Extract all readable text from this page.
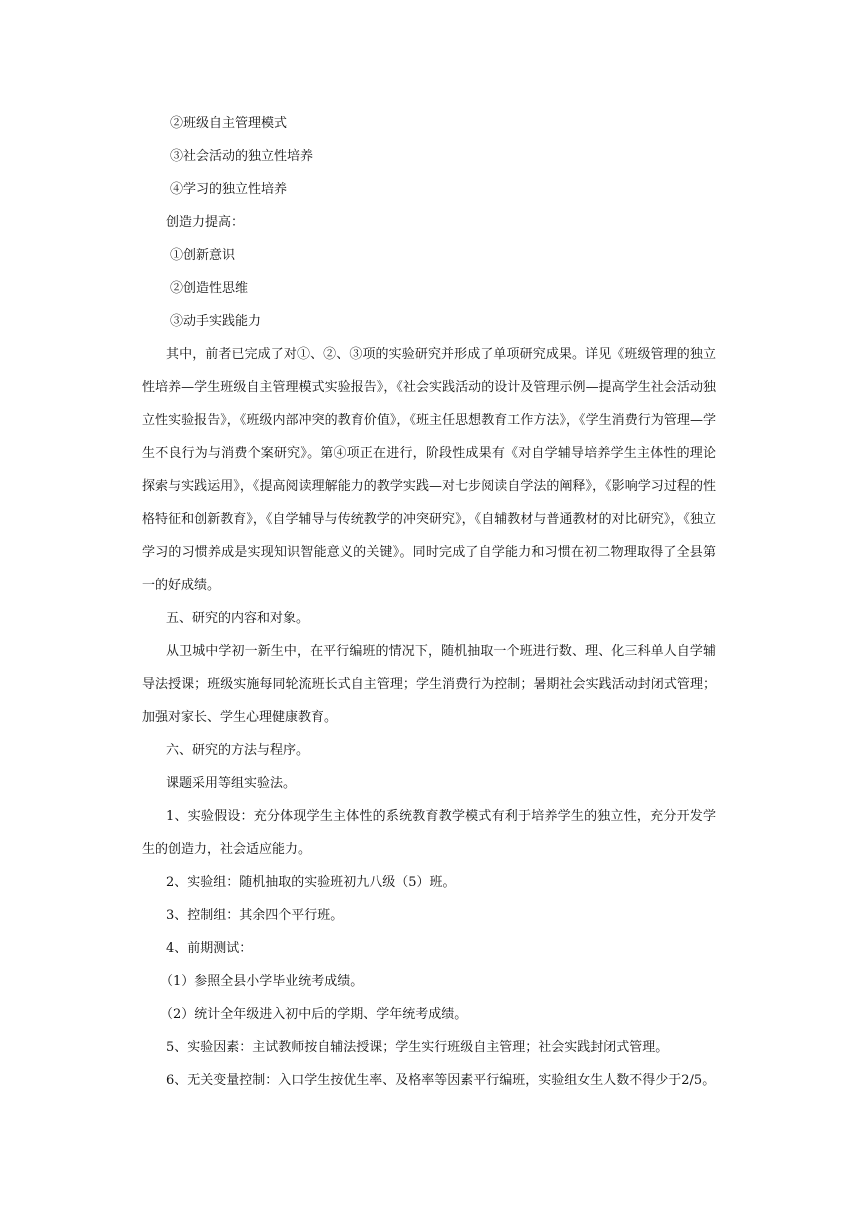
②班级自主管理模式

③社会活动的独立性培养

④学习的独立性培养

创造力提高：

①创新意识

②创造性思维

③动手实践能力

其中，前者已完成了对①、②、③项的实验研究并形成了单项研究成果。详见《班级管理的独立性培养—学生班级自主管理模式实验报告》，《社会实践活动的设计及管理示例—提高学生社会活动独立性实验报告》，《班级内部冲突的教育价值》，《班主任思想教育工作方法》，《学生消费行为管理—学生不良行为与消费个案研究》。第④项正在进行，阶段性成果有《对自学辅导培养学生主体性的理论探索与实践运用》，《提高阅读理解能力的教学实践—对七步阅读自学法的阐释》，《影响学习过程的性格特征和创新教育》，《自学辅导与传统教学的冲突研究》，《自辅教材与普通教材的对比研究》，《独立学习的习惯养成是实现知识智能意义的关键》。同时完成了自学能力和习惯在初二物理取得了全县第一的好成绩。

五、研究的内容和对象。

从卫城中学初一新生中，在平行编班的情况下，随机抽取一个班进行数、理、化三科单人自学辅导法授课；班级实施每同轮流班长式自主管理；学生消费行为控制；暑期社会实践活动封闭式管理；加强对家长、学生心理健康教育。

六、研究的方法与程序。

课题采用等组实验法。

1、实验假设：充分体现学生主体性的系统教育教学模式有利于培养学生的独立性，充分开发学生的创造力，社会适应能力。

2、实验组：随机抽取的实验班初九八级（5）班。

3、控制组：其余四个平行班。

4、前期测试：

（1）参照全县小学毕业统考成绩。

（2）统计全年级进入初中后的学期、学年统考成绩。

5、实验因素：主试教师按自辅法授课；学生实行班级自主管理；社会实践封闭式管理。

6、无关变量控制：入口学生按优生率、及格率等因素平行编班，实验组女生人数不得少于2/5。
